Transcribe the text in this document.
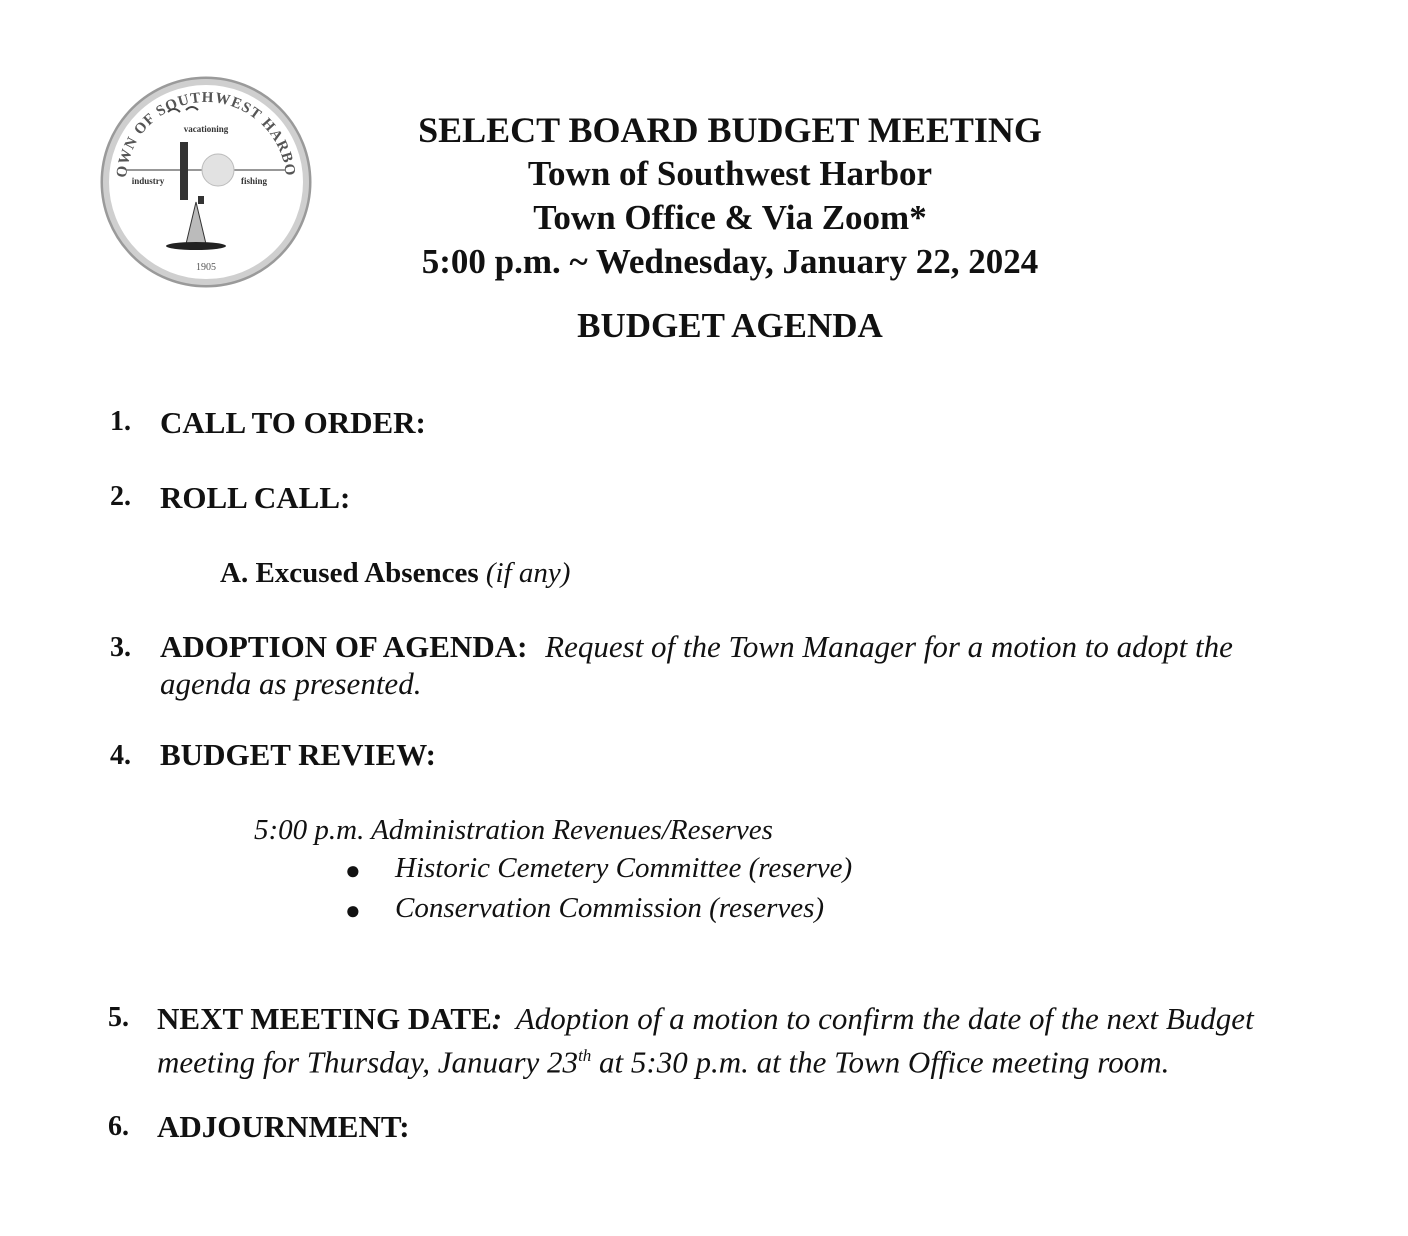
OWN OF SOUTHWEST HARBO
vacationing
industry	fishing
1905
SELECT BOARD BUDGET MEETING
Town of Southwest Harbor
Town Office & Via Zoom*
5:00 p.m. ~ Wednesday, January 22, 2024
BUDGET AGENDA
1. CALL TO ORDER:
2. ROLL CALL:
A. Excused Absences (if any)
3. ADOPTION OF AGENDA: Request of the Town Manager for a motion to adopt the
agenda as presented.
4. BUDGET REVIEW:
5:00 p.m. Administration Revenues/Reserves
● Historic Cemetery Committee (reserve)
● Conservation Commission (reserves)
5. NEXT MEETING DATE: Adoption of a motion to confirm the date of the next Budget
meeting for Thursday, January 23th at 5:30 p.m. at the Town Office meeting room.
6. ADJOURNMENT:
